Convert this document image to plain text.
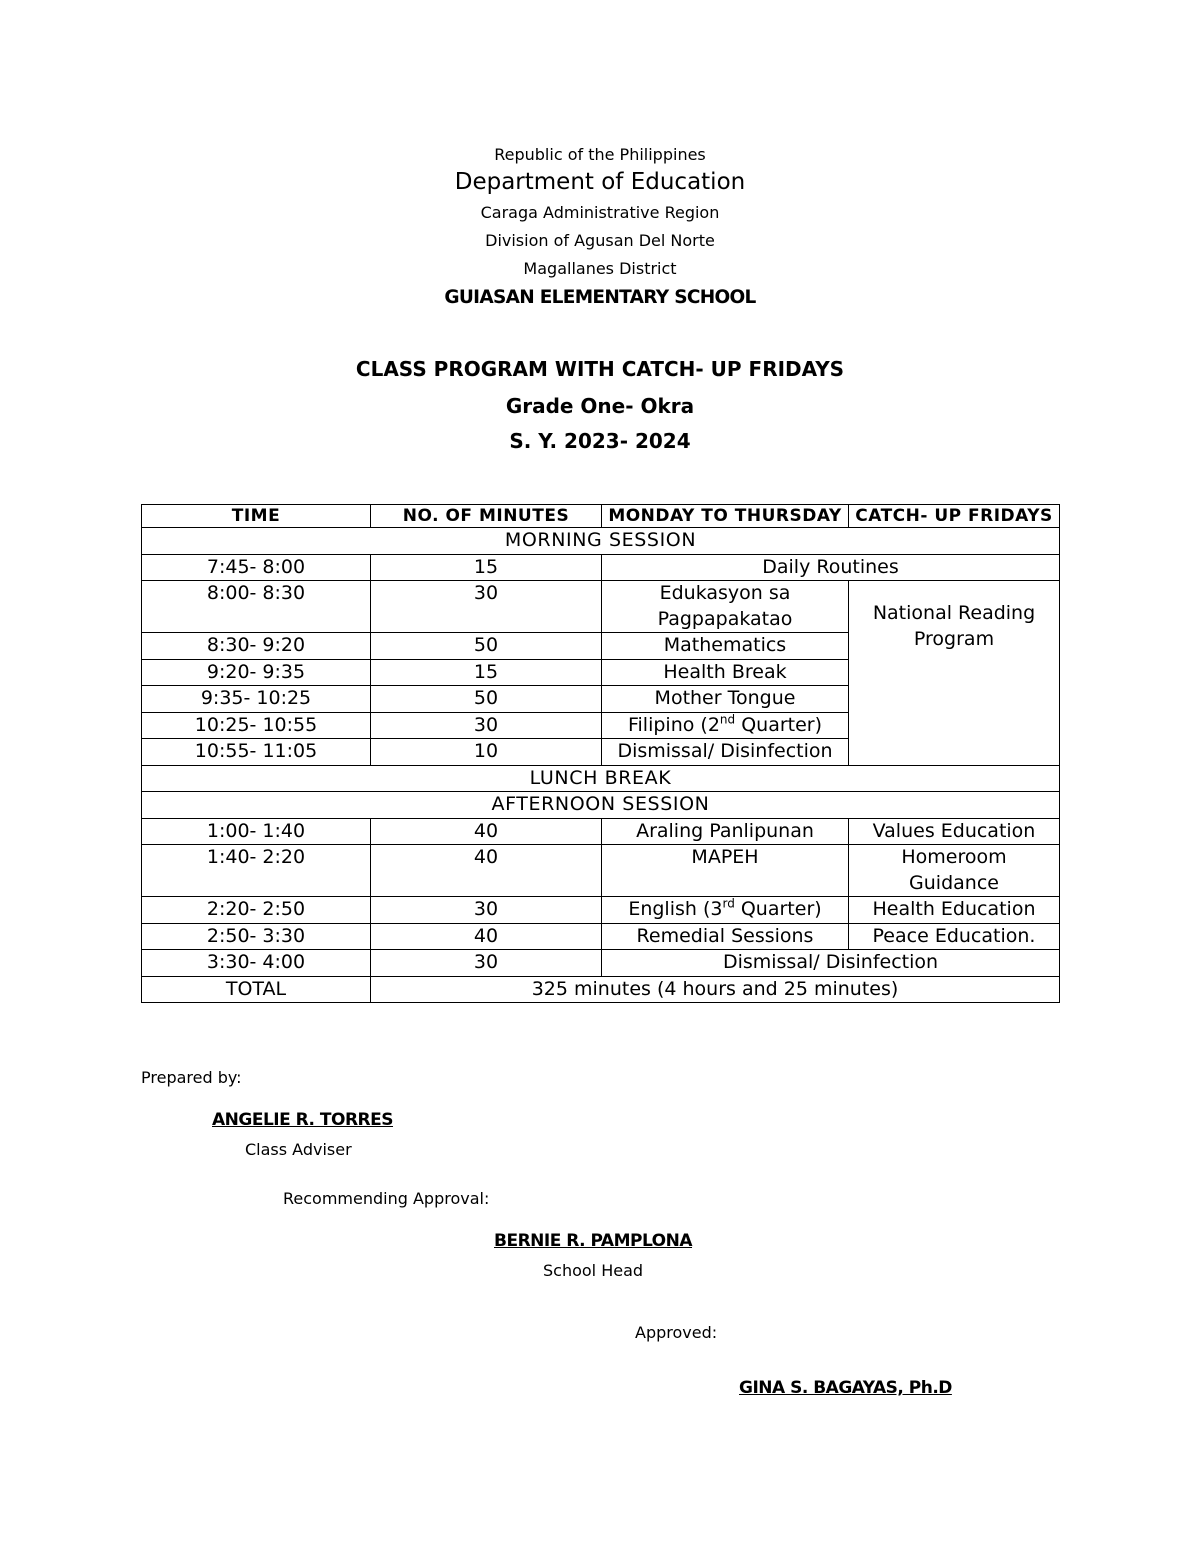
Republic of the Philippines
Department of Education
Caraga Administrative Region
Division of Agusan Del Norte
Magallanes District
GUIASAN ELEMENTARY SCHOOL
CLASS PROGRAM WITH CATCH- UP FRIDAYS
Grade One- Okra
S. Y. 2023- 2024
TIME	NO. OF MINUTES	MONDAY TO THURSDAY	CATCH- UP FRIDAYS
MORNING SESSION			
7:45- 8:00	15	Daily Routines	
8:00- 8:30	30	Edukasyon sa Pagpapakatao	National Reading Program
8:30- 9:20	50	Mathematics	
9:20- 9:35	15	Health Break	
9:35- 10:25	50	Mother Tongue	
10:25- 10:55	30	Filipino (2nd Quarter)	
10:55- 11:05	10	Dismissal/ Disinfection	
LUNCH BREAK			
AFTERNOON SESSION			
1:00- 1:40	40	Araling Panlipunan	Values Education
1:40- 2:20	40	MAPEH	Homeroom Guidance
2:20- 2:50	30	English (3rd Quarter)	Health Education
2:50- 3:30	40	Remedial Sessions	Peace Education.
3:30- 4:00	30	Dismissal/ Disinfection	
TOTAL	325 minutes (4 hours and 25 minutes)		
Prepared by:
ANGELIE R. TORRES
Class Adviser
Recommending Approval:
BERNIE R. PAMPLONA
School Head
Approved:
GINA S. BAGAYAS, Ph.D
